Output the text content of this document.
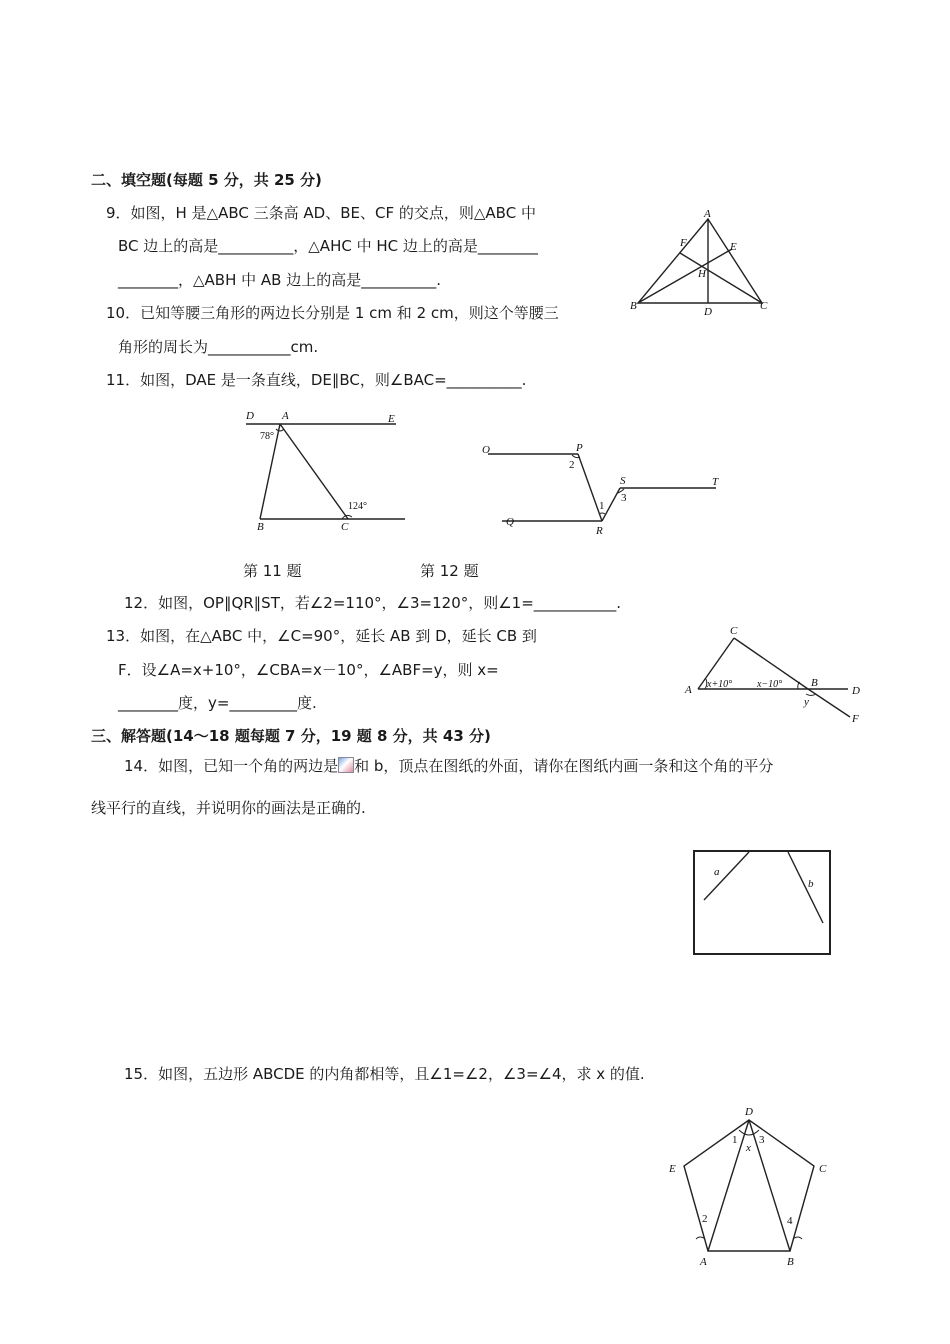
二、填空题(每题 5 分，共 25 分)
9．如图，H 是△ABC 三条高 AD、BE、CF 的交点，则△ABC 中
BC 边上的高是__________，△AHC 中 HC 边上的高是________
________，△ABH 中 AB 边上的高是__________.
10．已知等腰三角形的两边长分别是 1 cm 和 2 cm，则这个等腰三
角形的周长为___________cm.
11．如图，DAE 是一条直线，DE∥BC，则∠BAC=__________.
A
F	E
H
B	D	C
D	A	E
B	C
78°
124°
O	P
S	T
Q
R
2
1
3
第 11 题	第 12 题
12．如图，OP∥QR∥ST，若∠2=110°，∠3=120°，则∠1=___________.
13．如图，在△ABC 中，∠C=90°，延长 AB 到 D，延长 CB 到
F．设∠A=x+10°，∠CBA=x－10°，∠ABF=y，则 x=
________度，y=_________度.
C
A
B
D
F
x+10° x−10°
y
三、解答题(14～18 题每题 7 分，19 题 8 分，共 43 分)
14．如图，已知一个角的两边是 和 b，顶点在图纸的外面，请你在图纸内画一条和这个角的平分
线平行的直线，并说明你的画法是正确的.
a
b
15．如图，五边形 ABCDE 的内角都相等，且∠1=∠2，∠3=∠4，求 x 的值.
D
E	C
A	B
1
x
3
2	4
